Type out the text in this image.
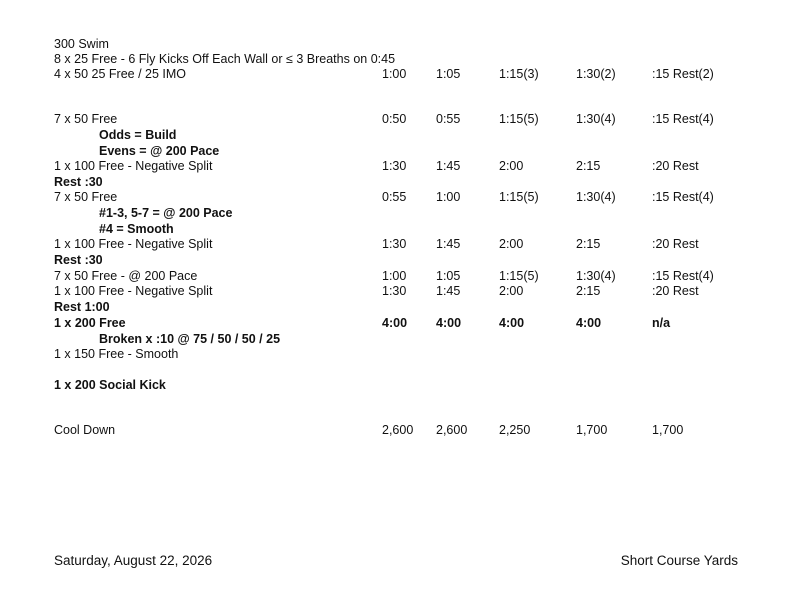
300 Swim
8 x 25 Free - 6 Fly Kicks Off Each Wall or ≤ 3 Breaths on 0:45
4 x 50 25 Free / 25 IMO	1:00 1:05	1:15(3)	1:30(2)	:15 Rest(2)
7 x 50 Free	0:50 0:55	1:15(5)	1:30(4)	:15 Rest(4)
Odds = Build
Evens = @ 200 Pace
1 x 100 Free - Negative Split	1:30 1:45	2:00	2:15	:20 Rest
Rest :30
7 x 50 Free	0:55 1:00	1:15(5)	1:30(4)	:15 Rest(4)
#1-3, 5-7 = @ 200 Pace
#4 = Smooth
1 x 100 Free - Negative Split	1:30 1:45	2:00	2:15	:20 Rest
Rest :30
7 x 50 Free - @ 200 Pace	1:00 1:05	1:15(5)	1:30(4)	:15 Rest(4)
1 x 100 Free - Negative Split	1:30 1:45	2:00	2:15	:20 Rest
Rest 1:00
1 x 200 Free	4:00 4:00	4:00	4:00	n/a
Broken x :10 @ 75 / 50 / 50 / 25
1 x 150 Free - Smooth
1 x 200 Social Kick
Cool Down	2,600 2,600	2,250	1,700	1,700
Saturday, August 22, 2026	Short Course Yards
